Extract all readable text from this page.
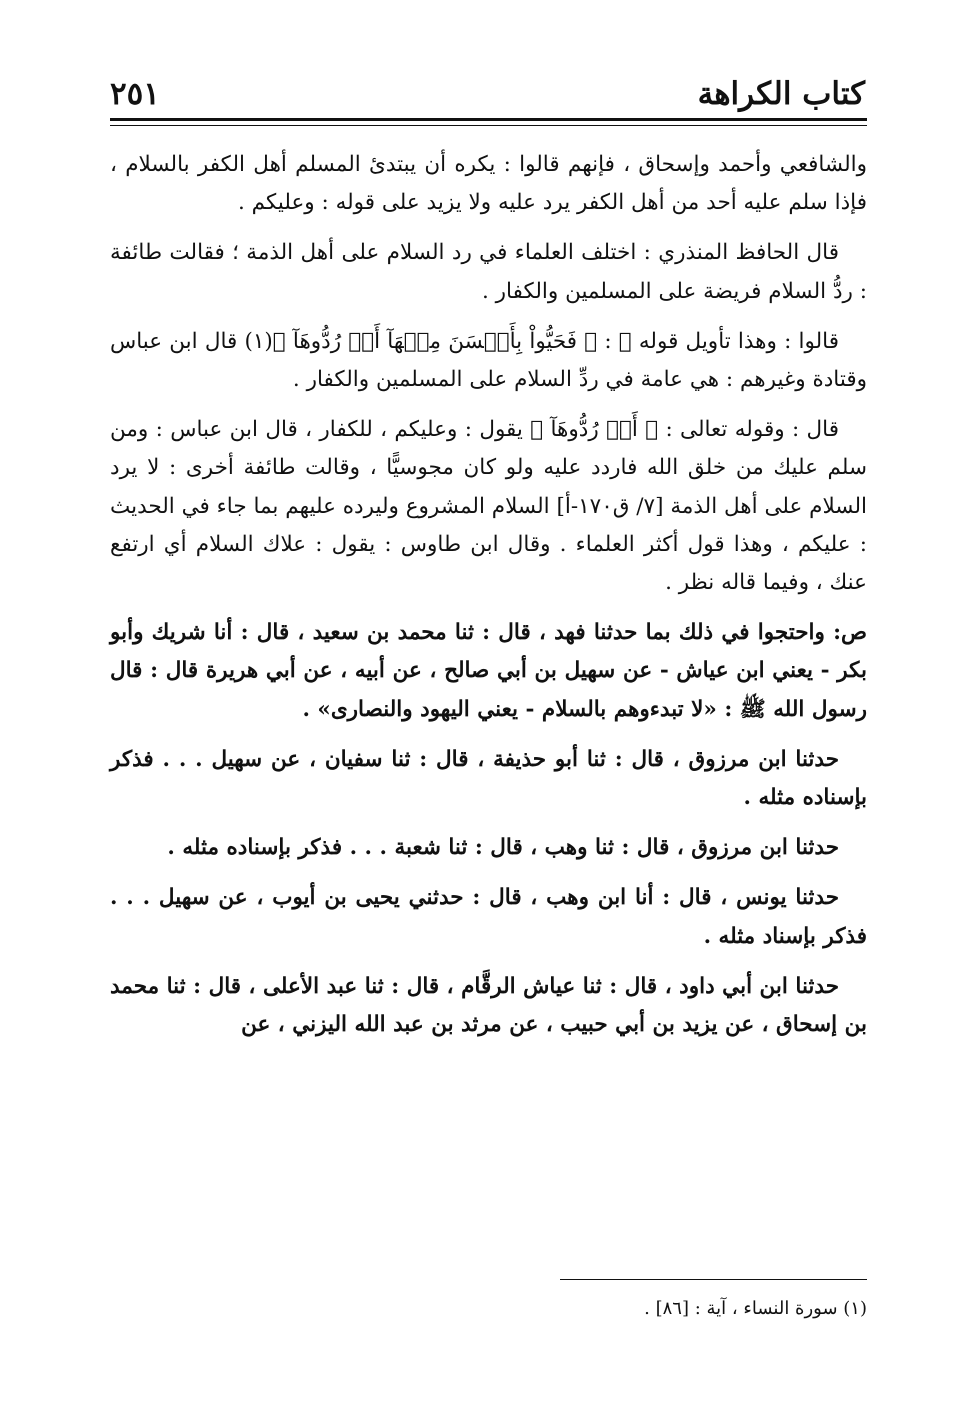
كتاب الكراهة
٢٥١

والشافعي وأحمد وإسحاق ، فإنهم قالوا : يكره أن يبتدئ المسلم أهل الكفر بالسلام ، فإذا سلم عليه أحد من أهل الكفر يرد عليه ولا يزيد على قوله : وعليكم .

قال الحافظ المنذري : اختلف العلماء في رد السلام على أهل الذمة ؛ فقالت طائفة : ردُّ السلام فريضة على المسلمين والكفار .

قالوا : وهذا تأويل قوله ﷺ : ﴿ فَحَيُّواْ بِأَحۡسَنَ مِنۡهَآ أَوۡ رُدُّوهَآ ﴾(١) قال ابن عباس وقتادة وغيرهم : هي عامة في ردِّ السلام على المسلمين والكفار .

قال : وقوله تعالى : ﴿ أَوۡ رُدُّوهَآ ﴾ يقول : وعليكم ، للكفار ، قال ابن عباس : ومن سلم عليك من خلق الله فاردد عليه ولو كان مجوسيًّا ، وقالت طائفة أخرى : لا يرد السلام على أهل الذمة [٧/ ق١٧٠-أ] السلام المشروع وليرده عليهم بما جاء في الحديث : عليكم ، وهذا قول أكثر العلماء . وقال ابن طاوس : يقول : علاك السلام أي ارتفع عنك ، وفيما قاله نظر .

ص: واحتجوا في ذلك بما حدثنا فهد ، قال : ثنا محمد بن سعيد ، قال : أنا شريك وأبو بكر - يعني ابن عياش - عن سهيل بن أبي صالح ، عن أبيه ، عن أبي هريرة قال : قال رسول الله ﷺ : «لا تبدءوهم بالسلام - يعني اليهود والنصارى» .

حدثنا ابن مرزوق ، قال : ثنا أبو حذيفة ، قال : ثنا سفيان ، عن سهيل . . . فذكر بإسناده مثله .

حدثنا ابن مرزوق ، قال : ثنا وهب ، قال : ثنا شعبة . . . فذكر بإسناده مثله .

حدثنا يونس ، قال : أنا ابن وهب ، قال : حدثني يحيى بن أيوب ، عن سهيل . . . فذكر بإسناد مثله .

حدثنا ابن أبي داود ، قال : ثنا عياش الرقَّام ، قال : ثنا عبد الأعلى ، قال : ثنا محمد بن إسحاق ، عن يزيد بن أبي حبيب ، عن مرثد بن عبد الله اليزني ، عن

(١) سورة النساء ، آية : [٨٦] .
